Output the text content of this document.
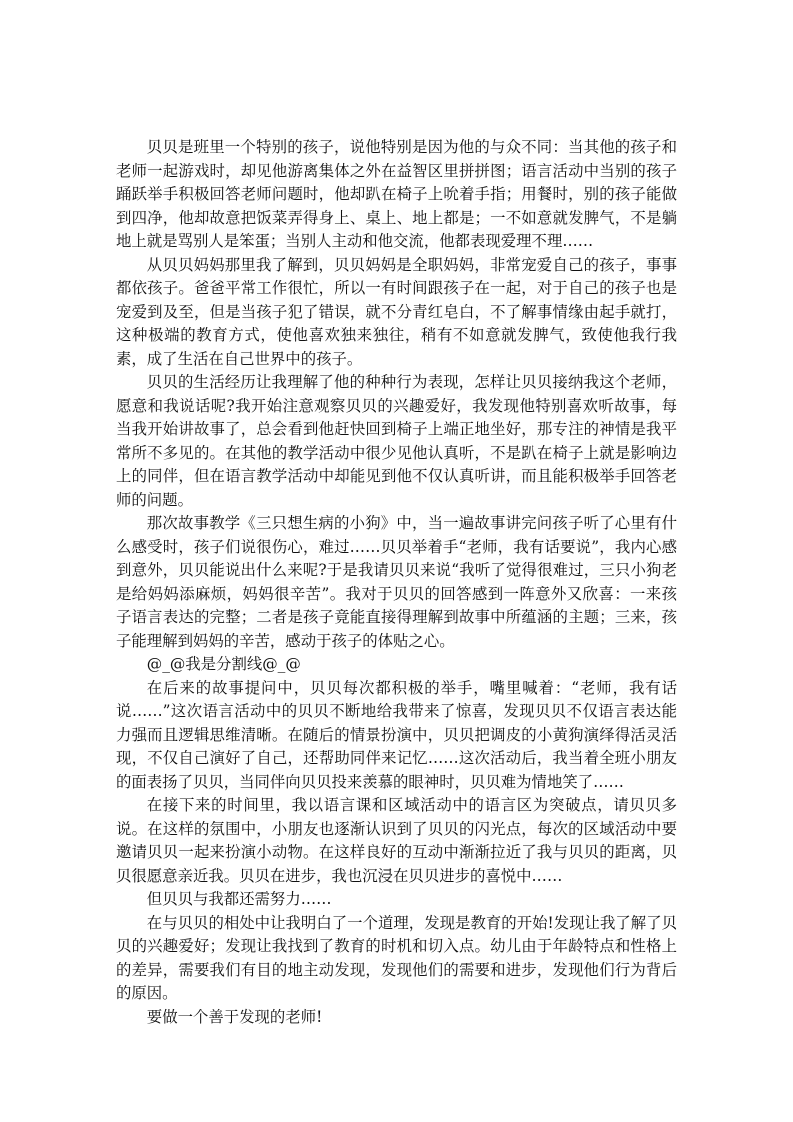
贝贝是班里一个特别的孩子，说他特别是因为他的与众不同：当其他的孩子和老师一起游戏时，却见他游离集体之外在益智区里拼拼图；语言活动中当别的孩子踊跃举手积极回答老师问题时，他却趴在椅子上吮着手指；用餐时，别的孩子能做到四净，他却故意把饭菜弄得身上、桌上、地上都是；一不如意就发脾气，不是躺地上就是骂别人是笨蛋；当别人主动和他交流，他都表现爱理不理……

从贝贝妈妈那里我了解到，贝贝妈妈是全职妈妈，非常宠爱自己的孩子，事事都依孩子。爸爸平常工作很忙，所以一有时间跟孩子在一起，对于自己的孩子也是宠爱到及至，但是当孩子犯了错误，就不分青红皂白，不了解事情缘由起手就打，这种极端的教育方式，使他喜欢独来独往，稍有不如意就发脾气，致使他我行我素，成了生活在自己世界中的孩子。

贝贝的生活经历让我理解了他的种种行为表现，怎样让贝贝接纳我这个老师，愿意和我说话呢?我开始注意观察贝贝的兴趣爱好，我发现他特别喜欢听故事，每当我开始讲故事了，总会看到他赶快回到椅子上端正地坐好，那专注的神情是我平常所不多见的。在其他的教学活动中很少见他认真听，不是趴在椅子上就是影响边上的同伴，但在语言教学活动中却能见到他不仅认真听讲，而且能积极举手回答老师的问题。

那次故事教学《三只想生病的小狗》中，当一遍故事讲完问孩子听了心里有什么感受时，孩子们说很伤心，难过……贝贝举着手“老师，我有话要说”，我内心感到意外，贝贝能说出什么来呢?于是我请贝贝来说“我听了觉得很难过，三只小狗老是给妈妈添麻烦，妈妈很辛苦”。我对于贝贝的回答感到一阵意外又欣喜：一来孩子语言表达的完整；二者是孩子竟能直接得理解到故事中所蕴涵的主题；三来，孩子能理解到妈妈的辛苦，感动于孩子的体贴之心。

@_@我是分割线@_@

在后来的故事提问中，贝贝每次都积极的举手，嘴里喊着：“老师，我有话说……”这次语言活动中的贝贝不断地给我带来了惊喜，发现贝贝不仅语言表达能力强而且逻辑思维清晰。在随后的情景扮演中，贝贝把调皮的小黄狗演绎得活灵活现，不仅自己演好了自己，还帮助同伴来记忆……这次活动后，我当着全班小朋友的面表扬了贝贝，当同伴向贝贝投来羡慕的眼神时，贝贝难为情地笑了……

在接下来的时间里，我以语言课和区域活动中的语言区为突破点，请贝贝多说。在这样的氛围中，小朋友也逐渐认识到了贝贝的闪光点，每次的区域活动中要邀请贝贝一起来扮演小动物。在这样良好的互动中渐渐拉近了我与贝贝的距离，贝贝很愿意亲近我。贝贝在进步，我也沉浸在贝贝进步的喜悦中……

但贝贝与我都还需努力……

在与贝贝的相处中让我明白了一个道理，发现是教育的开始!发现让我了解了贝贝的兴趣爱好；发现让我找到了教育的时机和切入点。幼儿由于年龄特点和性格上的差异，需要我们有目的地主动发现，发现他们的需要和进步，发现他们行为背后的原因。

要做一个善于发现的老师!
